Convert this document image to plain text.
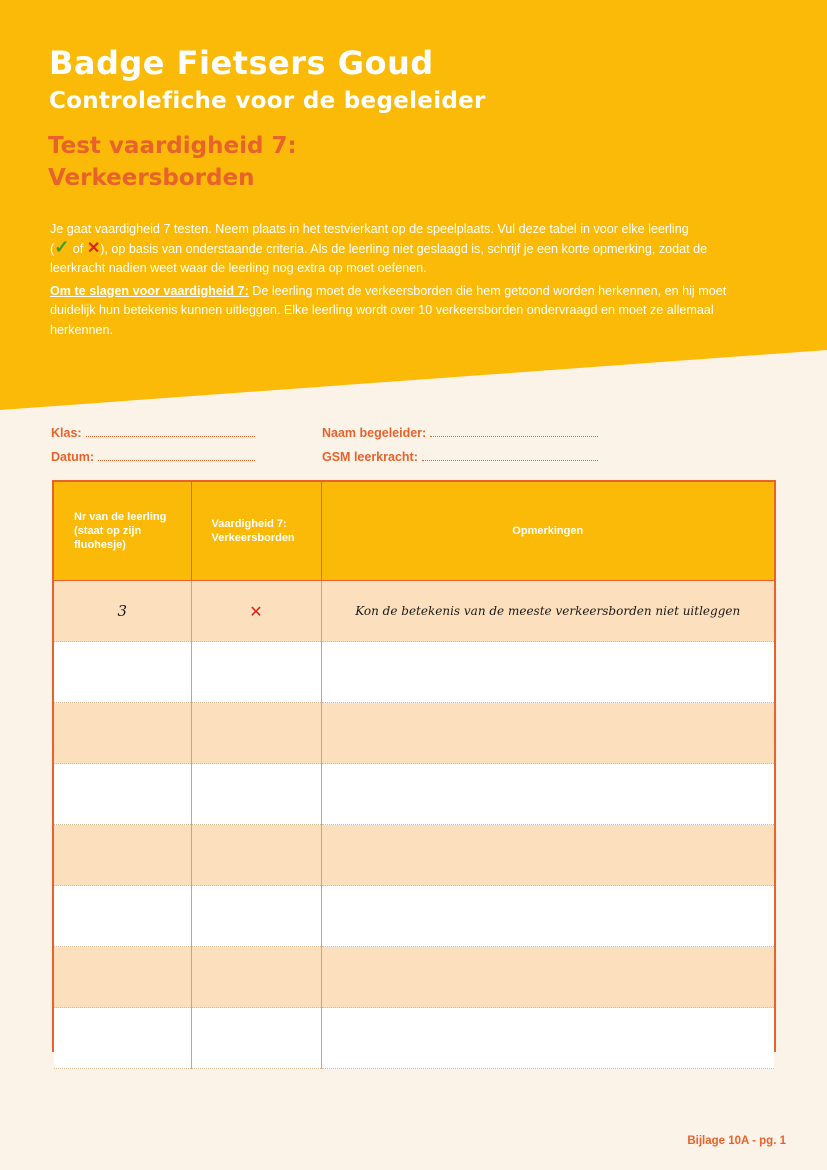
Badge Fietsers Goud
Controlefiche voor de begeleider
Test vaardigheid 7:
Verkeersborden

Je gaat vaardigheid 7 testen. Neem plaats in het testvierkant op de speelplaats. Vul deze tabel in voor elke leerling
(✓ of ✕), op basis van onderstaande criteria. Als de leerling niet geslaagd is, schrijf je een korte opmerking, zodat de leerkracht nadien weet waar de leerling nog extra op moet oefenen.

Om te slagen voor vaardigheid 7: De leerling moet de verkeersborden die hem getoond worden herkennen, en hij moet duidelijk hun betekenis kunnen uitleggen. Elke leerling wordt over 10 verkeersborden ondervraagd en moet ze allemaal herkennen.

Klas:
Datum:
Naam begeleider:
GSM leerkracht:
Nr van de leerling (staat op zijn fluohesje)	Vaardigheid 7: Verkeersborden	Opmerkingen
3	✕	Kon de betekenis van de meeste verkeersborden niet uitleggen

Bijlage 10A - pg. 1
